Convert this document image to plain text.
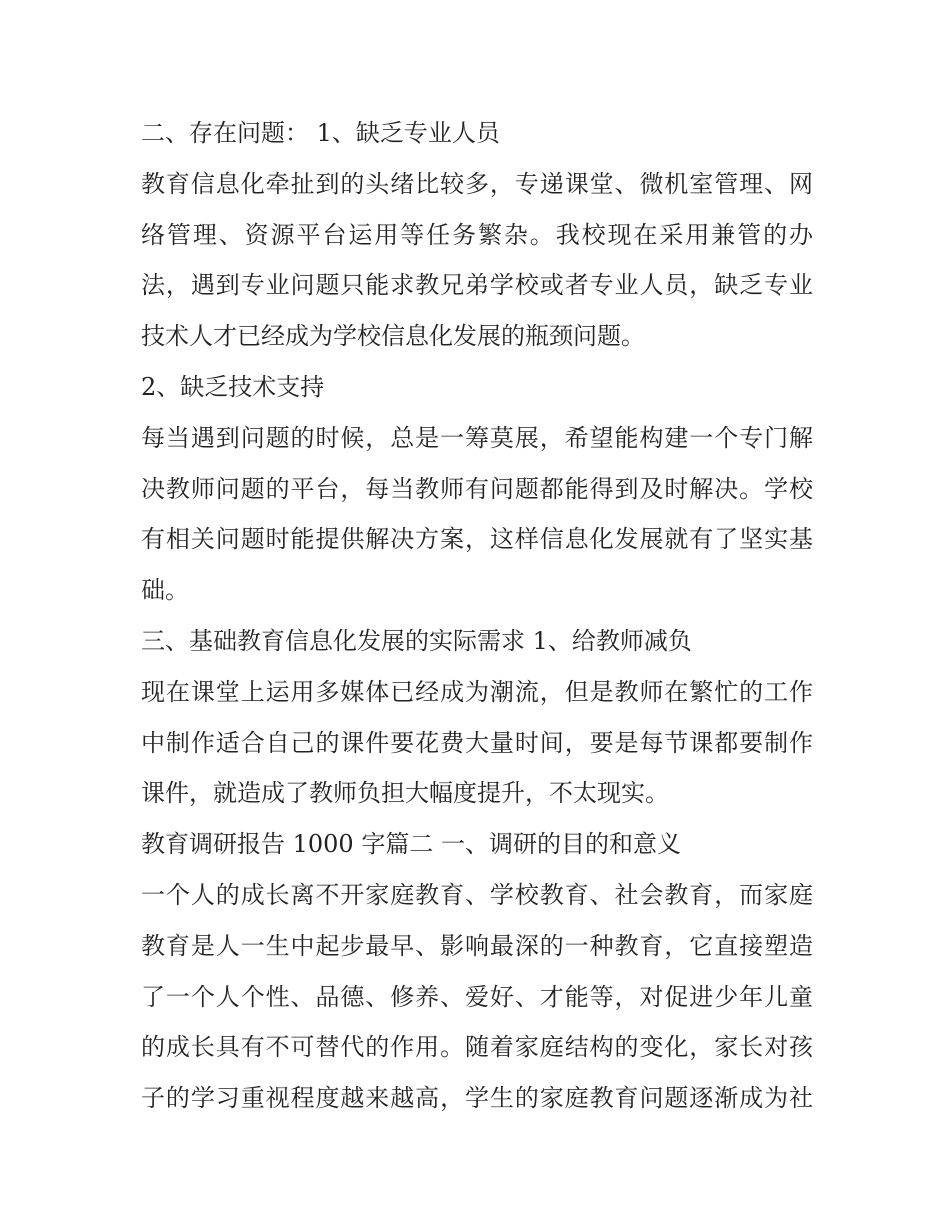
二、存在问题： 1、缺乏专业人员
教育信息化牵扯到的头绪比较多，专递课堂、微机室管理、网
络管理、资源平台运用等任务繁杂。我校现在采用兼管的办
法，遇到专业问题只能求教兄弟学校或者专业人员，缺乏专业
技术人才已经成为学校信息化发展的瓶颈问题。
2、缺乏技术支持
每当遇到问题的时候，总是一筹莫展，希望能构建一个专门解
决教师问题的平台，每当教师有问题都能得到及时解决。学校
有相关问题时能提供解决方案，这样信息化发展就有了坚实基
础。
三、基础教育信息化发展的实际需求 1、给教师减负
现在课堂上运用多媒体已经成为潮流，但是教师在繁忙的工作
中制作适合自己的课件要花费大量时间，要是每节课都要制作
课件，就造成了教师负担大幅度提升，不太现实。
教育调研报告 1000 字篇二 一、调研的目的和意义
一个人的成长离不开家庭教育、学校教育、社会教育，而家庭
教育是人一生中起步最早、影响最深的一种教育，它直接塑造
了一个人个性、品德、修养、爱好、才能等，对促进少年儿童
的成长具有不可替代的作用。随着家庭结构的变化，家长对孩
子的学习重视程度越来越高，学生的家庭教育问题逐渐成为社
